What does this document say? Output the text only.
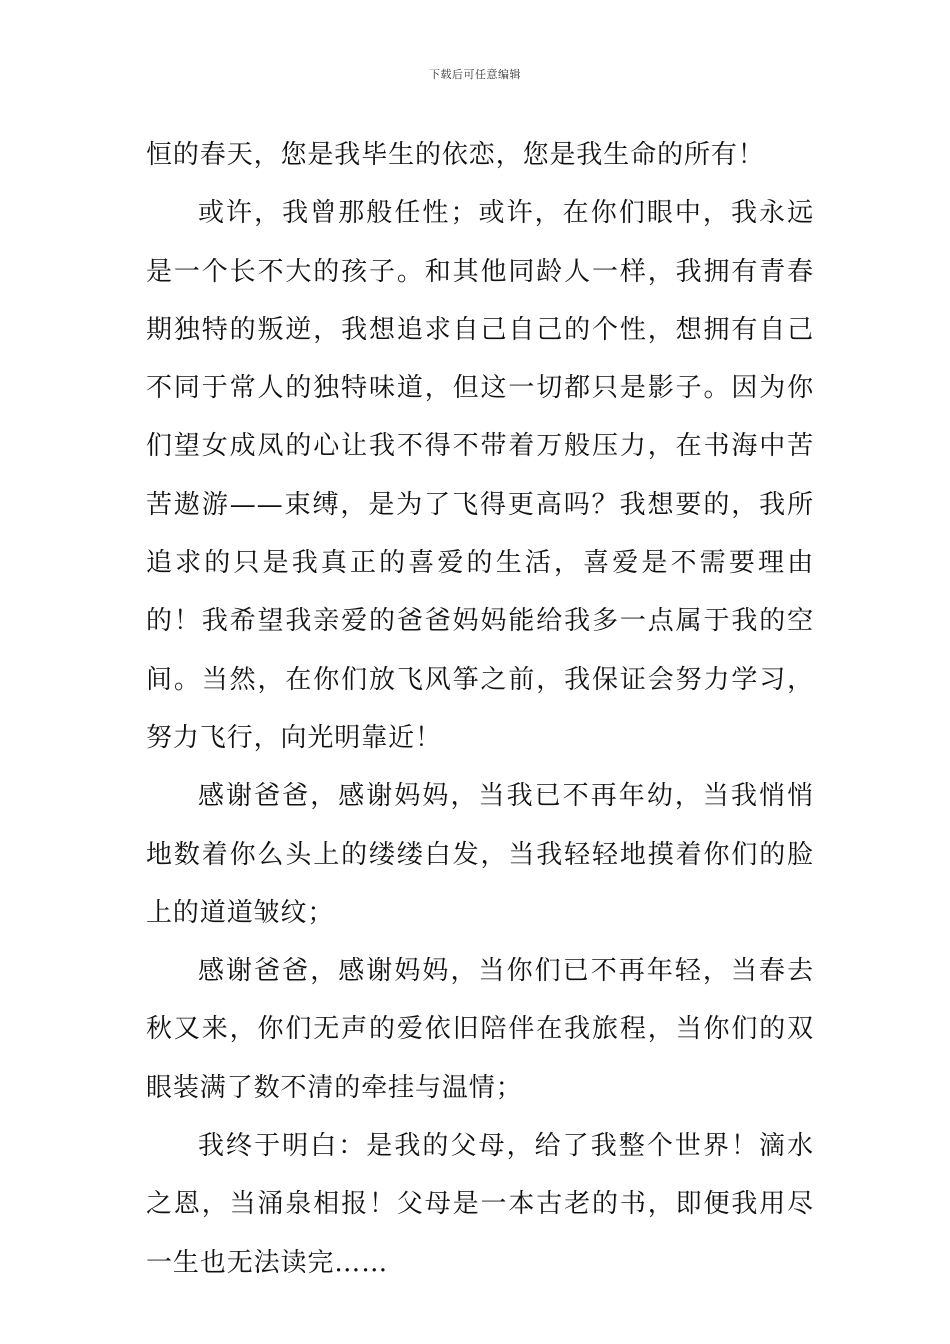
下载后可任意编辑

恒的春天，您是我毕生的依恋，您是我生命的所有！

或许，我曾那般任性；或许，在你们眼中，我永远是一个长不大的孩子。和其他同龄人一样，我拥有青春期独特的叛逆，我想追求自己自己的个性，想拥有自己不同于常人的独特味道，但这一切都只是影子。因为你们望女成凤的心让我不得不带着万般压力，在书海中苦苦遨游——束缚，是为了飞得更高吗？我想要的，我所追求的只是我真正的喜爱的生活，喜爱是不需要理由的！我希望我亲爱的爸爸妈妈能给我多一点属于我的空间。当然，在你们放飞风筝之前，我保证会努力学习，努力飞行，向光明靠近！

感谢爸爸，感谢妈妈，当我已不再年幼，当我悄悄地数着你么头上的缕缕白发，当我轻轻地摸着你们的脸上的道道皱纹；

感谢爸爸，感谢妈妈，当你们已不再年轻，当春去秋又来，你们无声的爱依旧陪伴在我旅程，当你们的双眼装满了数不清的牵挂与温情；

我终于明白：是我的父母，给了我整个世界！滴水之恩，当涌泉相报！父母是一本古老的书，即便我用尽一生也无法读完……
